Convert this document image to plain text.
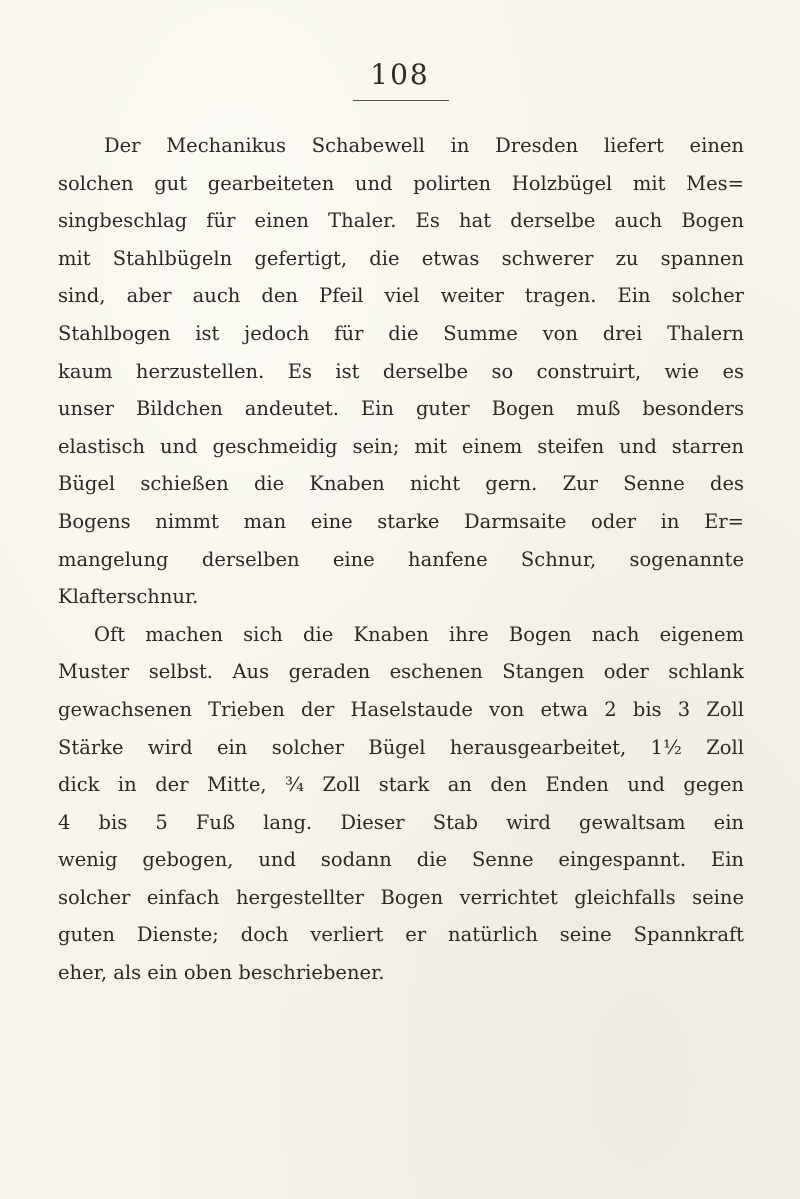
108
Der Mechanikus Schabewell in Dresden liefert einen
solchen gut gearbeiteten und polirten Holzbügel mit Mes=
singbeschlag für einen Thaler. Es hat derselbe auch Bogen
mit Stahlbügeln gefertigt, die etwas schwerer zu spannen
sind, aber auch den Pfeil viel weiter tragen. Ein solcher
Stahlbogen ist jedoch für die Summe von drei Thalern
kaum herzustellen. Es ist derselbe so construirt, wie es
unser Bildchen andeutet. Ein guter Bogen muß besonders
elastisch und geschmeidig sein; mit einem steifen und starren
Bügel schießen die Knaben nicht gern. Zur Senne des
Bogens nimmt man eine starke Darmsaite oder in Er=
mangelung derselben eine hanfene Schnur, sogenannte
Klafterschnur.
Oft machen sich die Knaben ihre Bogen nach eigenem
Muster selbst. Aus geraden eschenen Stangen oder schlank
gewachsenen Trieben der Haselstaude von etwa 2 bis 3 Zoll
Stärke wird ein solcher Bügel herausgearbeitet, 1½ Zoll
dick in der Mitte, ¾ Zoll stark an den Enden und gegen
4 bis 5 Fuß lang. Dieser Stab wird gewaltsam ein
wenig gebogen, und sodann die Senne eingespannt. Ein
solcher einfach hergestellter Bogen verrichtet gleichfalls seine
guten Dienste; doch verliert er natürlich seine Spannkraft
eher, als ein oben beschriebener.
